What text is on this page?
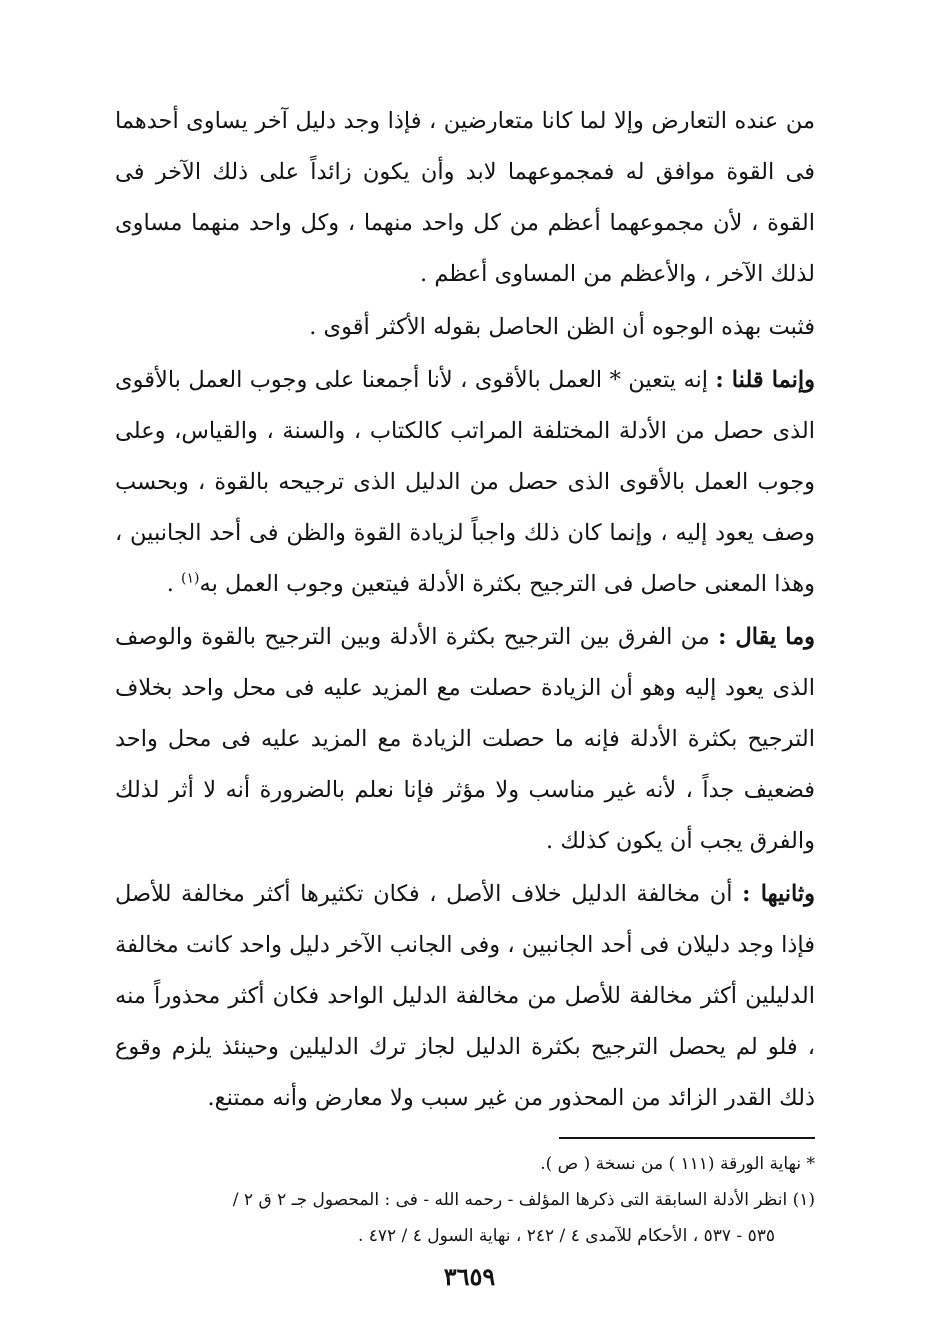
من عنده التعارض وإلا لما كانا متعارضين ، فإذا وجد دليل آخر يساوى أحدهما فى القوة موافق له فمجموعهما لابد وأن يكون زائداً على ذلك الآخر فى القوة ، لأن مجموعهما أعظم من كل واحد منهما ، وكل واحد منهما مساوى لذلك الآخر ، والأعظم من المساوى أعظم .

فثبت بهذه الوجوه أن الظن الحاصل بقوله الأكثر أقوى .

وإنما قلنا : إنه يتعين * العمل بالأقوى ، لأنا أجمعنا على وجوب العمل بالأقوى الذى حصل من الأدلة المختلفة المراتب كالكتاب ، والسنة ، والقياس، وعلى وجوب العمل بالأقوى الذى حصل من الدليل الذى ترجيحه بالقوة ، وبحسب وصف يعود إليه ، وإنما كان ذلك واجباً لزيادة القوة والظن فى أحد الجانبين ، وهذا المعنى حاصل فى الترجيح بكثرة الأدلة فيتعين وجوب العمل به$^{(١)}$ .

وما يقال : من الفرق بين الترجيح بكثرة الأدلة وبين الترجيح بالقوة والوصف الذى يعود إليه وهو أن الزيادة حصلت مع المزيد عليه فى محل واحد بخلاف الترجيح بكثرة الأدلة فإنه ما حصلت الزيادة مع المزيد عليه فى محل واحد فضعيف جداً ، لأنه غير مناسب ولا مؤثر فإنا نعلم بالضرورة أنه لا أثر لذلك والفرق يجب أن يكون كذلك .

وثانيها : أن مخالفة الدليل خلاف الأصل ، فكان تكثيرها أكثر مخالفة للأصل فإذا وجد دليلان فى أحد الجانبين ، وفى الجانب الآخر دليل واحد كانت مخالفة الدليلين أكثر مخالفة للأصل من مخالفة الدليل الواحد فكان أكثر محذوراً منه ، فلو لم يحصل الترجيح بكثرة الدليل لجاز ترك الدليلين وحينئذ يلزم وقوع ذلك القدر الزائد من المحذور من غير سبب ولا معارض وأنه ممتنع.

* نهاية الورقة (١١١ ) من نسخة ( ص ).

(١) انظر الأدلة السابقة التى ذكرها المؤلف - رحمه الله - فى : المحصول جـ ٢ ق ٢ /

٥٣٥ - ٥٣٧ ، الأحكام للآمدى ٤ / ٢٤٢ ، نهاية السول ٤ / ٤٧٢ .

٣٦٥٩
